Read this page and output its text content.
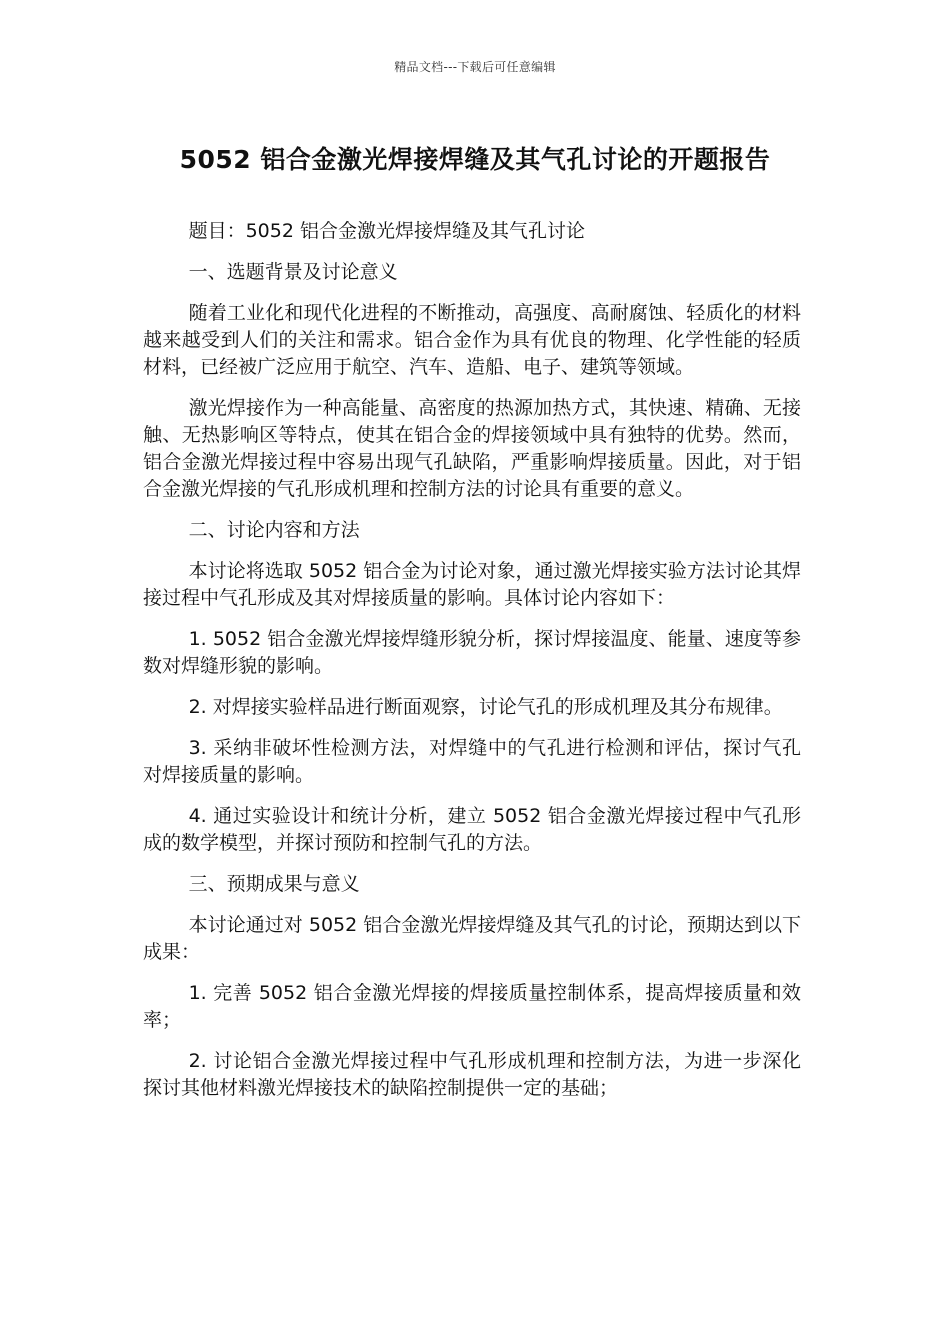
精品文档---下载后可任意编辑
5052 铝合金激光焊接焊缝及其气孔讨论的开题报告

题目：5052 铝合金激光焊接焊缝及其气孔讨论

一、选题背景及讨论意义

随着工业化和现代化进程的不断推动，高强度、高耐腐蚀、轻质化的材料越来越受到人们的关注和需求。铝合金作为具有优良的物理、化学性能的轻质材料，已经被广泛应用于航空、汽车、造船、电子、建筑等领域。

激光焊接作为一种高能量、高密度的热源加热方式，其快速、精确、无接触、无热影响区等特点，使其在铝合金的焊接领域中具有独特的优势。然而，铝合金激光焊接过程中容易出现气孔缺陷，严重影响焊接质量。因此，对于铝合金激光焊接的气孔形成机理和控制方法的讨论具有重要的意义。

二、讨论内容和方法

本讨论将选取 5052 铝合金为讨论对象，通过激光焊接实验方法讨论其焊接过程中气孔形成及其对焊接质量的影响。具体讨论内容如下：

1. 5052 铝合金激光焊接焊缝形貌分析，探讨焊接温度、能量、速度等参数对焊缝形貌的影响。

2. 对焊接实验样品进行断面观察，讨论气孔的形成机理及其分布规律。

3. 采纳非破坏性检测方法，对焊缝中的气孔进行检测和评估，探讨气孔对焊接质量的影响。

4. 通过实验设计和统计分析，建立 5052 铝合金激光焊接过程中气孔形成的数学模型，并探讨预防和控制气孔的方法。

三、预期成果与意义

本讨论通过对 5052 铝合金激光焊接焊缝及其气孔的讨论，预期达到以下成果：

1. 完善 5052 铝合金激光焊接的焊接质量控制体系，提高焊接质量和效率；

2. 讨论铝合金激光焊接过程中气孔形成机理和控制方法，为进一步深化探讨其他材料激光焊接技术的缺陷控制提供一定的基础；
